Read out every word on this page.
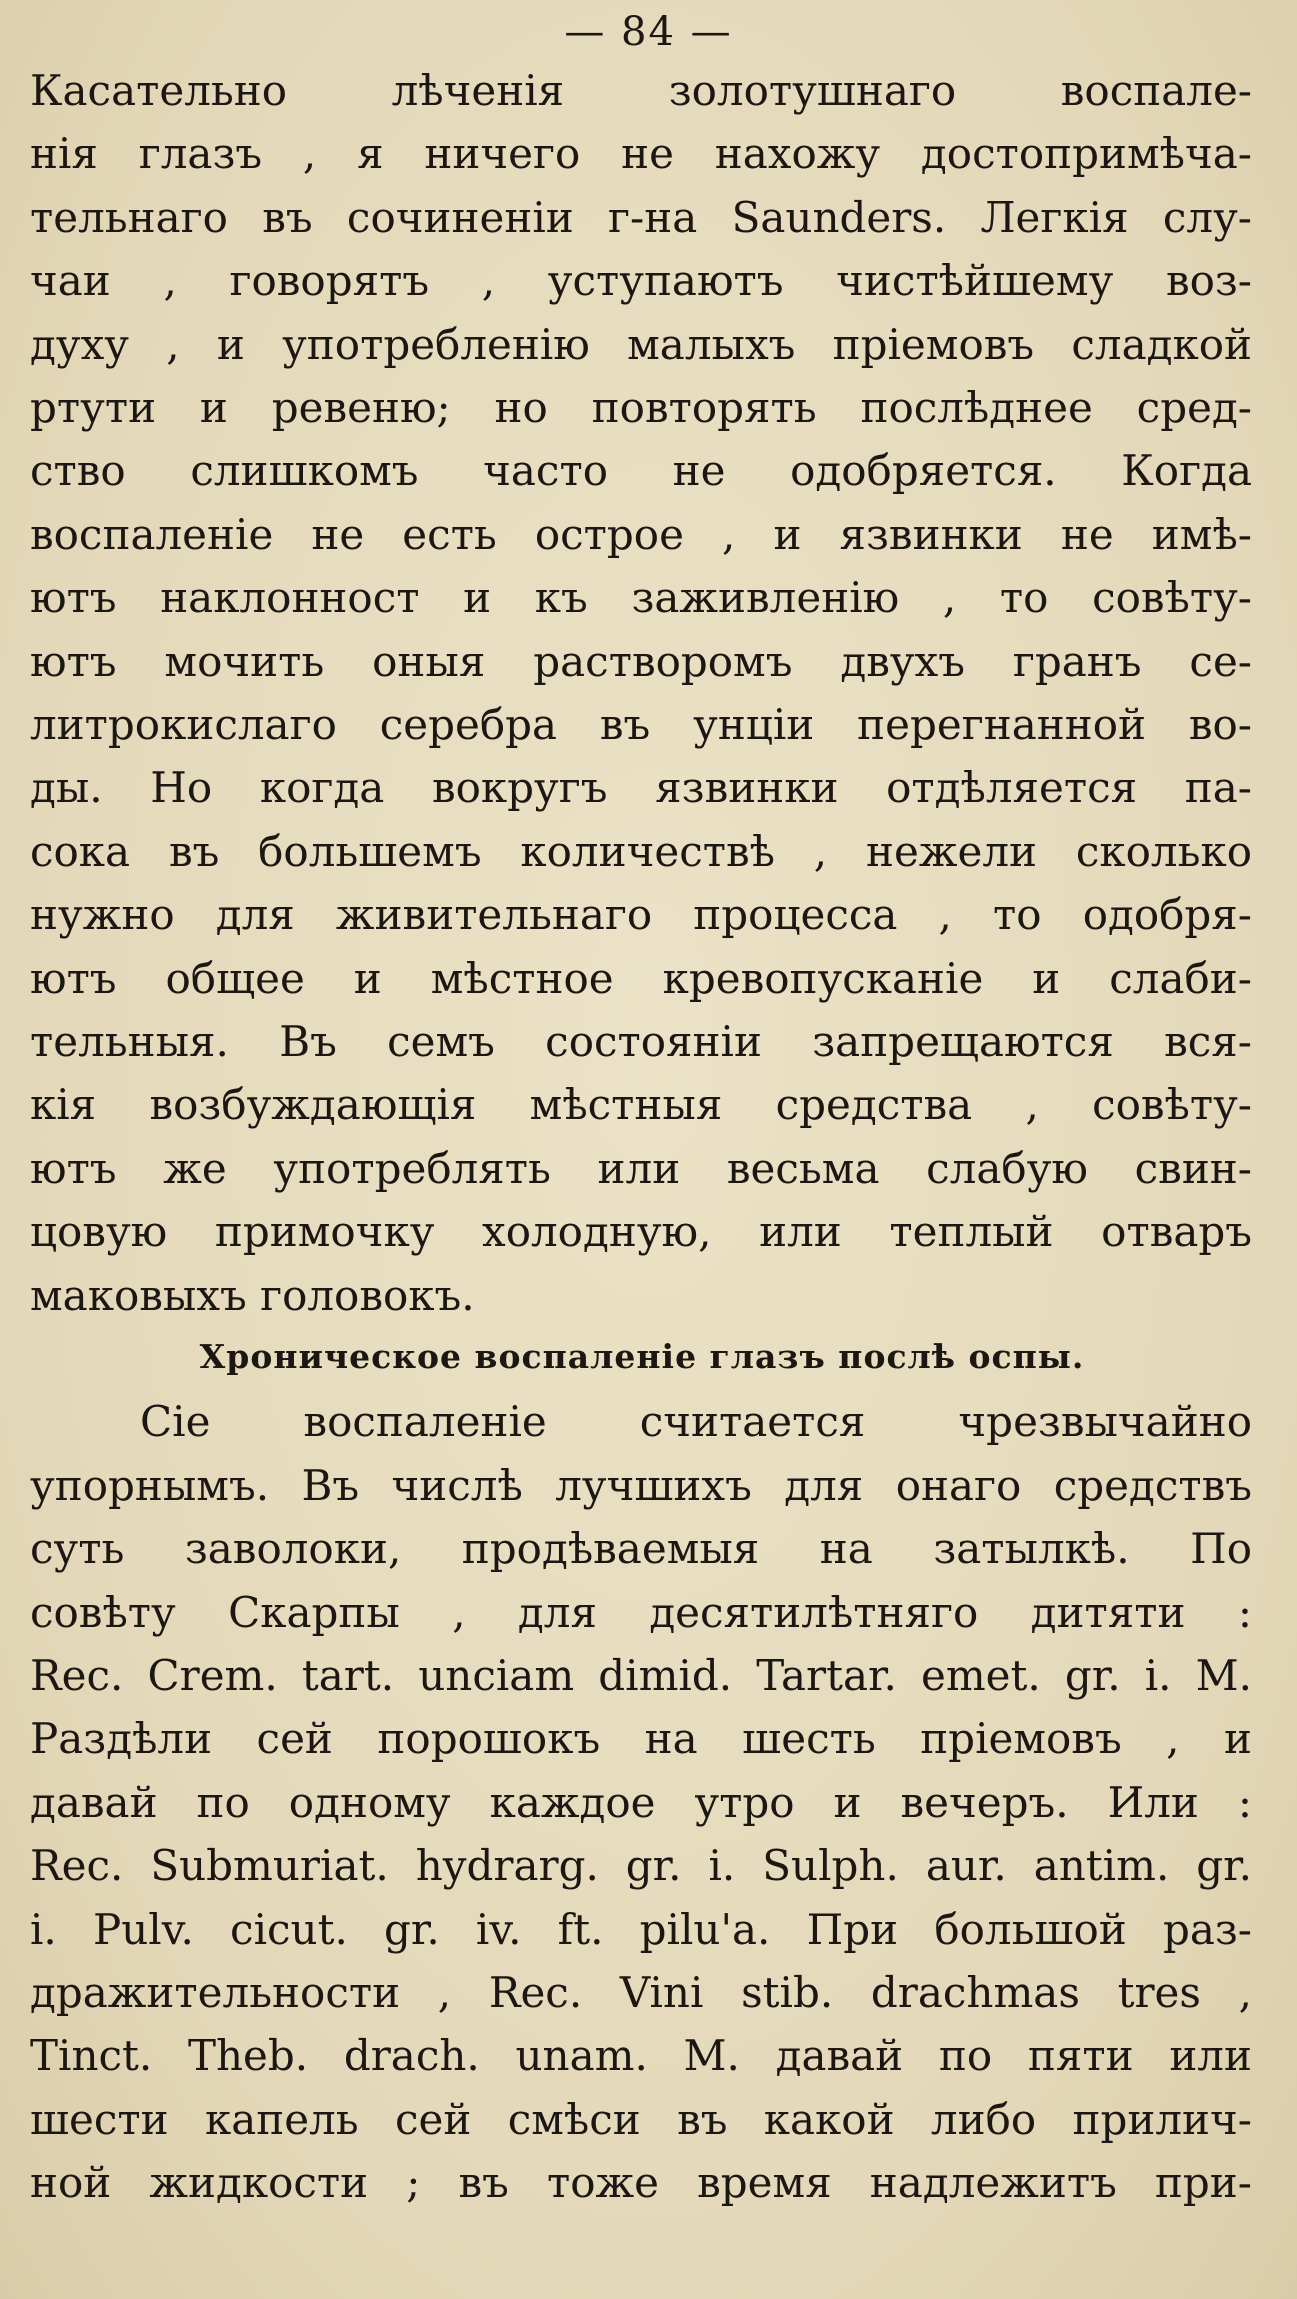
— 84 —
Касательно лѣченія золотушнаго воспале-
нія глазъ , я ничего не нахожу достопримѣча-
тельнаго въ сочиненіи г-на Saunders. Легкія слу-
чаи , говорятъ , уступаютъ чистѣйшему воз-
духу , и употребленію малыхъ пріемовъ сладкой
ртути и ревеню; но повторять послѣднее сред-
ство слишкомъ часто не одобряется. Когда
воспаленіе не есть острое , и язвинки не имѣ-
ютъ наклонност и къ заживленію , то совѣту-
ютъ мочить оныя растворомъ двухъ гранъ се-
литрокислаго серебра въ унціи перегнанной во-
ды. Но когда вокругъ язвинки отдѣляется па-
сока въ большемъ количествѣ , нежели сколько
нужно для живительнаго процесса , то одобря-
ютъ общее и мѣстное кревопусканіе и слаби-
тельныя. Въ семъ состояніи запрещаются вся-
кія возбуждающія мѣстныя средства , совѣту-
ютъ же употреблять или весьма слабую свин-
цовую примочку холодную, или теплый отваръ
маковыхъ головокъ.
Хроническое воспаленіе глазъ послѣ оспы.
Сіе воспаленіе считается чрезвычайно
упорнымъ. Въ числѣ лучшихъ для онаго средствъ
суть заволоки, продѣваемыя на затылкѣ. По
совѣту Скарпы , для десятилѣтняго дитяти :
Rec. Crem. tart. unciam dimid. Tartar. emet. gr. i. M.
Раздѣли сей порошокъ на шесть пріемовъ , и
давай по одному каждое утро и вечеръ. Или :
Rec. Submuriat. hydrarg. gr. i. Sulph. aur. antim. gr.
i. Pulv. cicut. gr. iv. ft. pilu'a. При большой раз-
дражительности , Rec. Vini stib. drachmas tres ,
Tinct. Theb. drach. unam. M. давай по пяти или
шести капель сей смѣси въ какой либо прилич-
ной жидкости ; въ тоже время надлежитъ при-
